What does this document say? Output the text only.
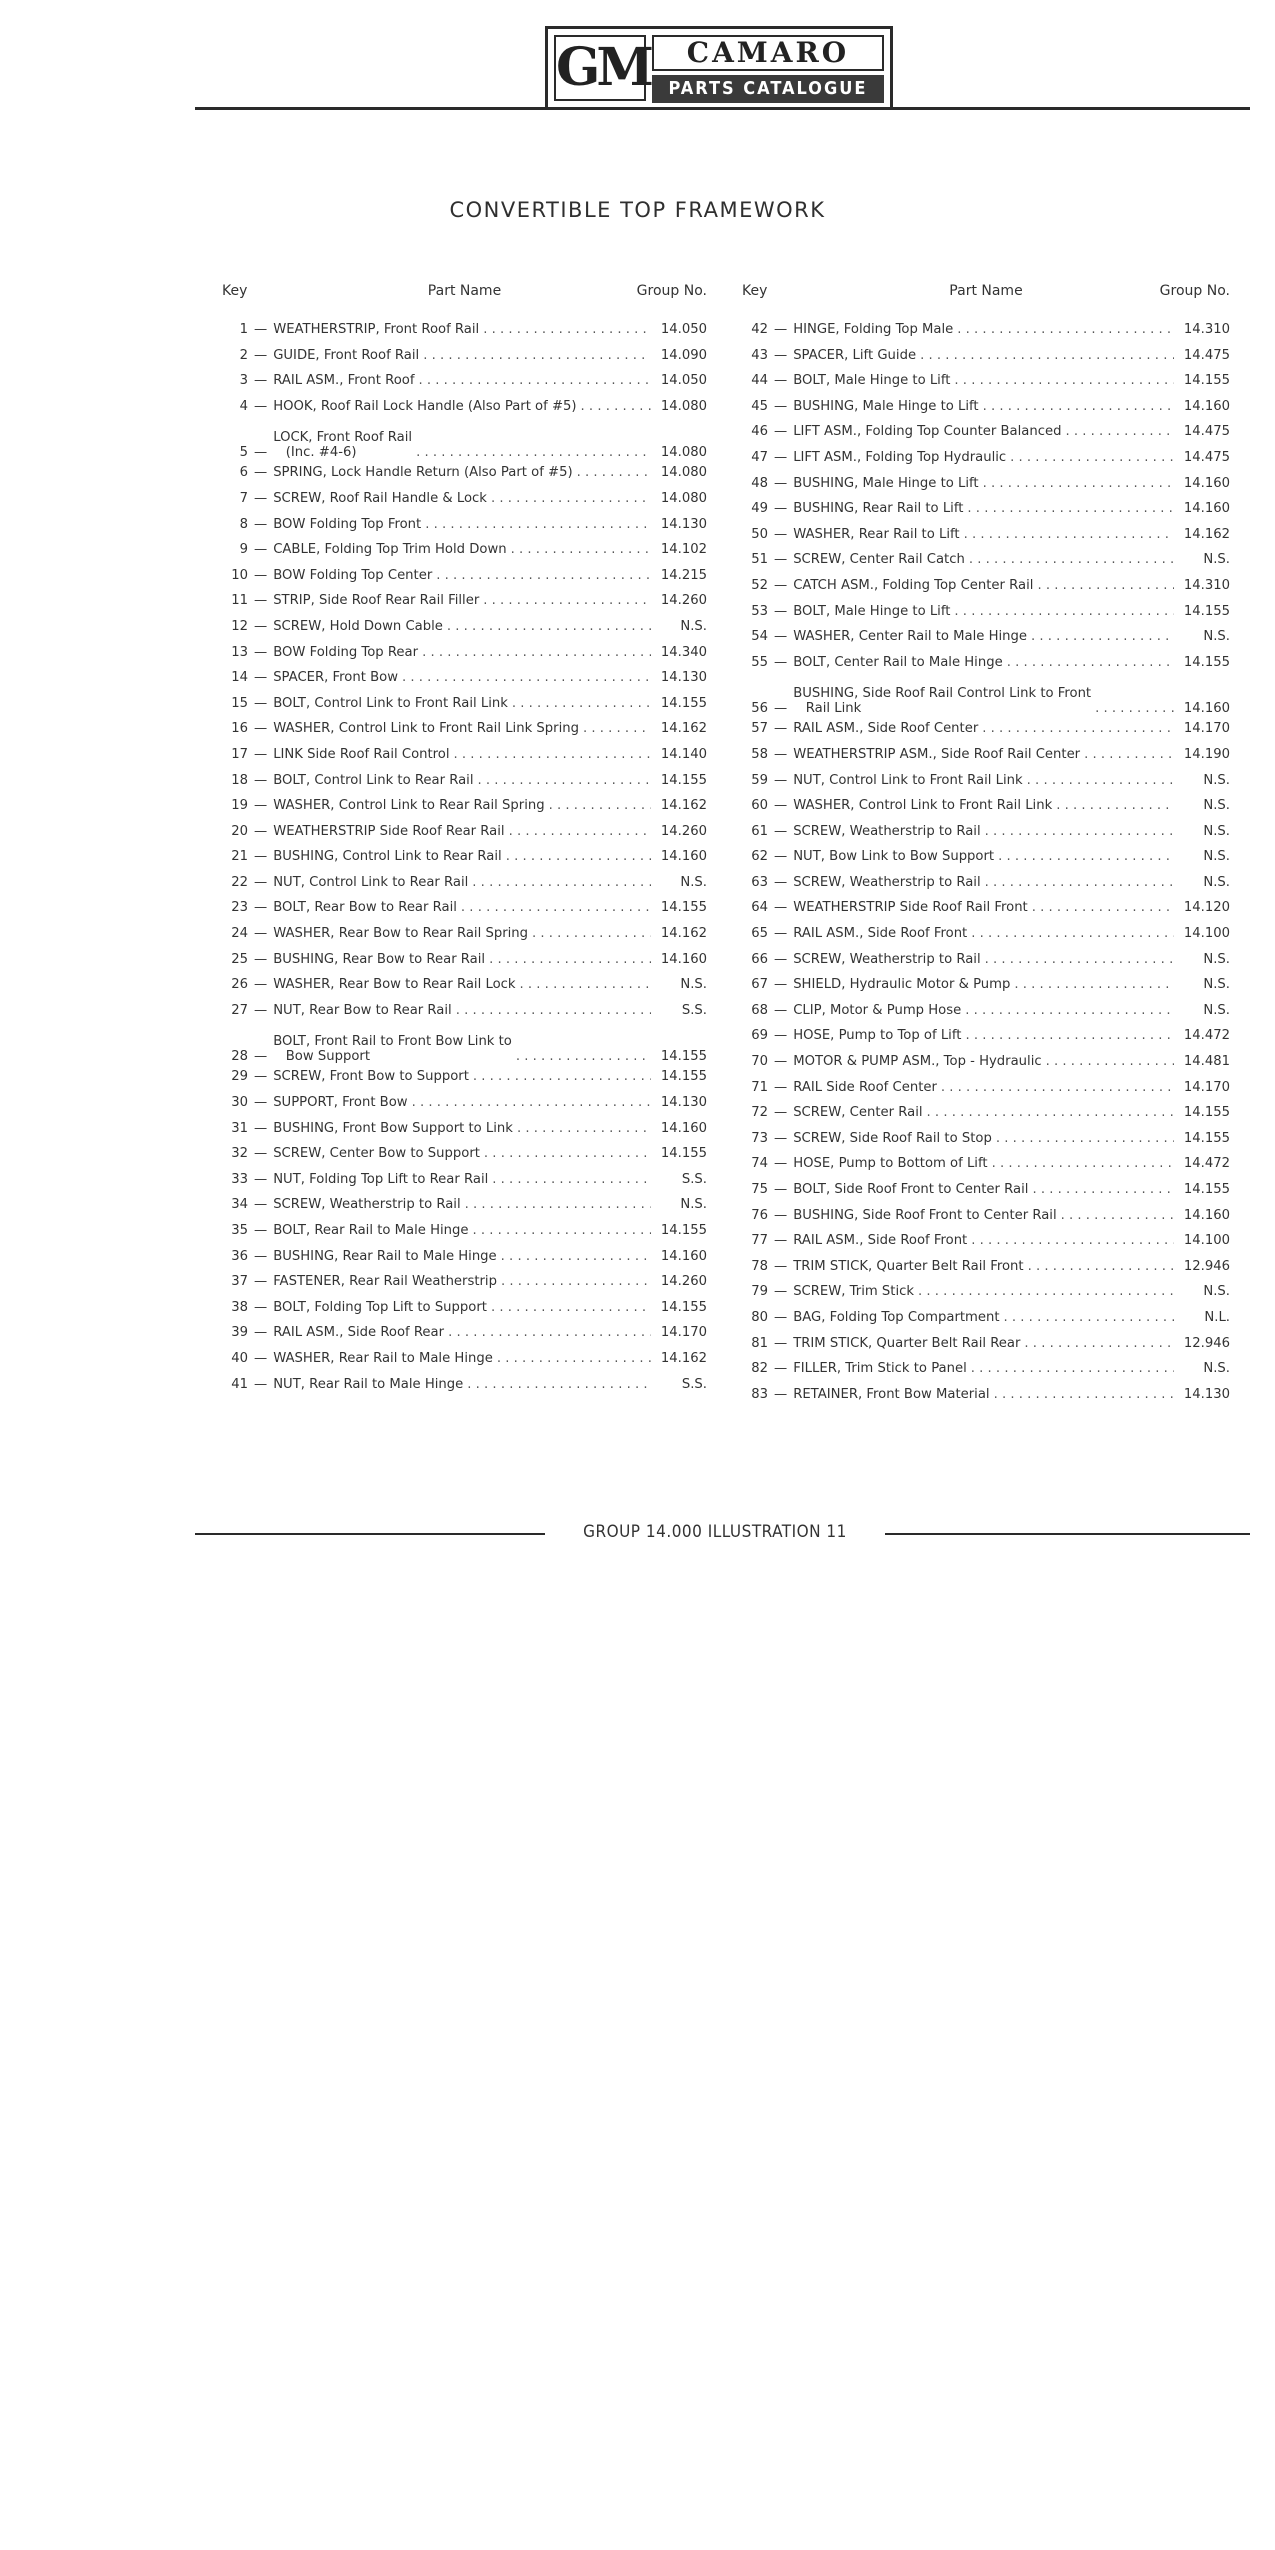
GM	CAMARO
PARTS CATALOGUE
CONVERTIBLE TOP FRAMEWORK
Key	Part Name	Group No.
1 — WEATHERSTRIP, Front Roof Rail . . .	14.050
2 — GUIDE, Front Roof Rail . . .	14.090
3 — RAIL ASM., Front Roof . . .	14.050
4 — HOOK, Roof Rail Lock Handle (Also Part of #5) . . .	14.080
5 —
LOCK, Front Roof Rail
(Inc. #4-6) . . .	14.080
6 — SPRING, Lock Handle Return (Also Part of #5) . . .	14.080
7 — SCREW, Roof Rail Handle & Lock . . .	14.080
8 — BOW Folding Top Front . . .	14.130
9 — CABLE, Folding Top Trim Hold Down . . .	14.102
10 — BOW Folding Top Center . . .	14.215
11 — STRIP, Side Roof Rear Rail Filler . . .	14.260
12 — SCREW, Hold Down Cable . . .	N.S.
13 — BOW Folding Top Rear . . .	14.340
14 — SPACER, Front Bow . . .	14.130
15 — BOLT, Control Link to Front Rail Link . . .	14.155
16 — WASHER, Control Link to Front Rail Link Spring . . .	14.162
17 — LINK Side Roof Rail Control . . .	14.140
18 — BOLT, Control Link to Rear Rail . . .	14.155
19 — WASHER, Control Link to Rear Rail Spring . . .	14.162
20 — WEATHERSTRIP Side Roof Rear Rail . . .	14.260
21 — BUSHING, Control Link to Rear Rail . . .	14.160
22 — NUT, Control Link to Rear Rail . . .	N.S.
23 — BOLT, Rear Bow to Rear Rail . . .	14.155
24 — WASHER, Rear Bow to Rear Rail Spring . . .	14.162
25 — BUSHING, Rear Bow to Rear Rail . . .	14.160
26 — WASHER, Rear Bow to Rear Rail Lock . . .	N.S.
27 — NUT, Rear Bow to Rear Rail . . .	S.S.
28 —
BOLT, Front Rail to Front Bow Link to
Bow Support . . .	14.155
29 — SCREW, Front Bow to Support . . .	14.155
30 — SUPPORT, Front Bow . . .	14.130
31 — BUSHING, Front Bow Support to Link . . .	14.160
32 — SCREW, Center Bow to Support . . .	14.155
33 — NUT, Folding Top Lift to Rear Rail . . .	S.S.
34 — SCREW, Weatherstrip to Rail . . .	N.S.
35 — BOLT, Rear Rail to Male Hinge . . .	14.155
36 — BUSHING, Rear Rail to Male Hinge . . .	14.160
37 — FASTENER, Rear Rail Weatherstrip . . .	14.260
38 — BOLT, Folding Top Lift to Support . . .	14.155
39 — RAIL ASM., Side Roof Rear . . .	14.170
40 — WASHER, Rear Rail to Male Hinge . . .	14.162
41 — NUT, Rear Rail to Male Hinge . . .	S.S.
Key	Part Name	Group No.
42 — HINGE, Folding Top Male . . .	14.310
43 — SPACER, Lift Guide . . .	14.475
44 — BOLT, Male Hinge to Lift . . .	14.155
45 — BUSHING, Male Hinge to Lift . . .	14.160
46 — LIFT ASM., Folding Top Counter Balanced . . .	14.475
47 — LIFT ASM., Folding Top Hydraulic . . .	14.475
48 — BUSHING, Male Hinge to Lift . . .	14.160
49 — BUSHING, Rear Rail to Lift . . .	14.160
50 — WASHER, Rear Rail to Lift . . .	14.162
51 — SCREW, Center Rail Catch . . .	N.S.
52 — CATCH ASM., Folding Top Center Rail . . .	14.310
53 — BOLT, Male Hinge to Lift . . .	14.155
54 — WASHER, Center Rail to Male Hinge . . .	N.S.
55 — BOLT, Center Rail to Male Hinge . . .	14.155
56 —
BUSHING, Side Roof Rail Control Link to Front
Rail Link . . .	14.160
57 — RAIL ASM., Side Roof Center . . .	14.170
58 — WEATHERSTRIP ASM., Side Roof Rail Center . . .	14.190
59 — NUT, Control Link to Front Rail Link . . .	N.S.
60 — WASHER, Control Link to Front Rail Link . . .	N.S.
61 — SCREW, Weatherstrip to Rail . . .	N.S.
62 — NUT, Bow Link to Bow Support . . .	N.S.
63 — SCREW, Weatherstrip to Rail . . .	N.S.
64 — WEATHERSTRIP Side Roof Rail Front . . .	14.120
65 — RAIL ASM., Side Roof Front . . .	14.100
66 — SCREW, Weatherstrip to Rail . . .	N.S.
67 — SHIELD, Hydraulic Motor & Pump . . .	N.S.
68 — CLIP, Motor & Pump Hose . . .	N.S.
69 — HOSE, Pump to Top of Lift . . .	14.472
70 — MOTOR & PUMP ASM., Top - Hydraulic . . .	14.481
71 — RAIL Side Roof Center . . .	14.170
72 — SCREW, Center Rail . . .	14.155
73 — SCREW, Side Roof Rail to Stop . . .	14.155
74 — HOSE, Pump to Bottom of Lift . . .	14.472
75 — BOLT, Side Roof Front to Center Rail . . .	14.155
76 — BUSHING, Side Roof Front to Center Rail . . .	14.160
77 — RAIL ASM., Side Roof Front . . .	14.100
78 — TRIM STICK, Quarter Belt Rail Front . . .	12.946
79 — SCREW, Trim Stick . . .	N.S.
80 — BAG, Folding Top Compartment . . .	N.L.
81 — TRIM STICK, Quarter Belt Rail Rear . . .	12.946
82 — FILLER, Trim Stick to Panel . . .	N.S.
83 — RETAINER, Front Bow Material . . .	14.130
GROUP 14.000 ILLUSTRATION 11
